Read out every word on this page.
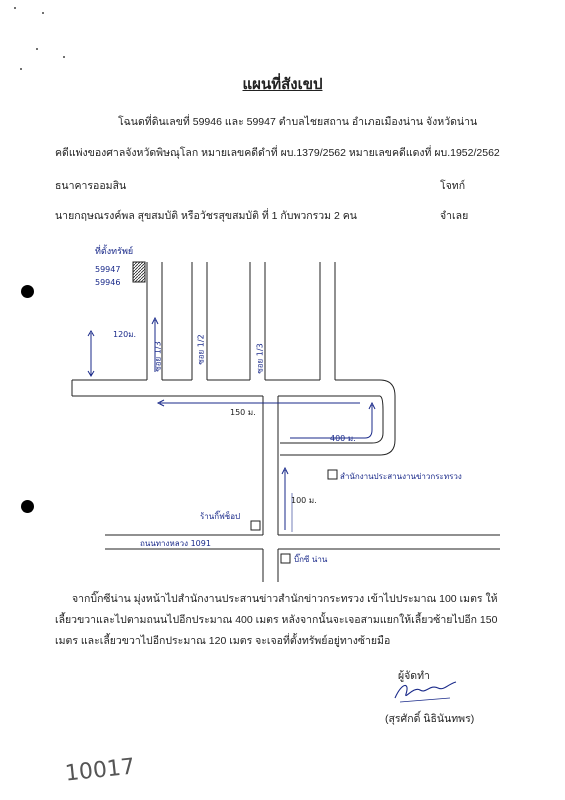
แผนที่สังเขป
โฉนดที่ดินเลขที่ 59946 และ 59947 ตำบลไชยสถาน อำเภอเมืองน่าน จังหวัดน่าน
คดีแพ่งของศาลจังหวัดพิษณุโลก หมายเลขคดีดำที่ ผบ.1379/2562 หมายเลขคดีแดงที่ ผบ.1952/2562
ธนาคารออมสิน	โจทก์
นายกฤษณรงค์พล สุขสมบัติ หรือวัชรสุขสมบัติ ที่ 1 กับพวกรวม 2 คน	จำเลย
ที่ตั้งทรัพย์
59947
59946
120ม.
ซอย 1/3	ซอย 1/2	ซอย 1/3
150 ม.
400 ม.
สำนักงานประสานงานข่าวกระทรวง
100 ม.
ร้านกิ๊ฟช็อป
ถนนทางหลวง 1091
บิ๊กซี น่าน
จากบิ๊กซีน่าน มุ่งหน้าไปสำนักงานประสานข่าวสำนักข่าวกระทรวง เข้าไปประมาณ 100 เมตร ให้
เลี้ยวขวาและไปตามถนนไปอีกประมาณ 400 เมตร หลังจากนั้นจะเจอสามแยกให้เลี้ยวซ้ายไปอีก 150
เมตร และเลี้ยวขวาไปอีกประมาณ 120 เมตร จะเจอที่ตั้งทรัพย์อยู่ทางซ้ายมือ
ผู้จัดทำ
(สุรศักดิ์ นิธินันทพร)
10017
